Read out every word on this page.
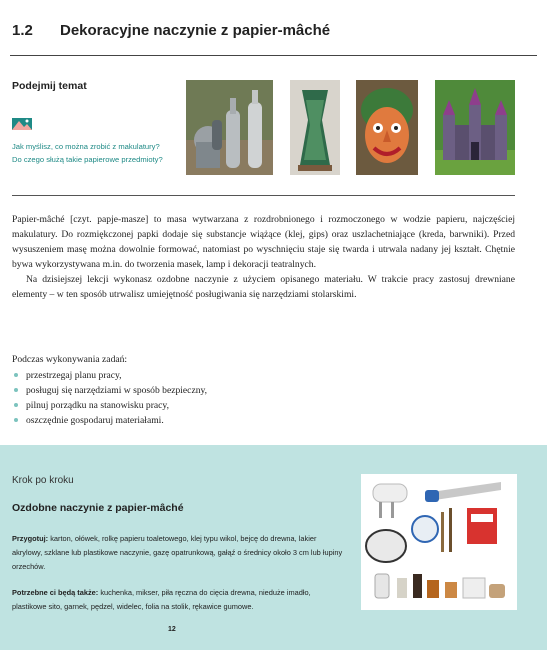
1.2 Dekoracyjne naczynie z papier-mâché
Podejmij temat
Jak myślisz, co można zrobić z makulatury? Do czego służą takie papierowe przedmioty?

Papier-mâché [czyt. papje-masze] to masa wytwarzana z rozdrobnionego i rozmoczonego w wodzie papieru, najczęściej makulatury. Do rozmiękczonej papki dodaje się substancje wiążące (klej, gips) oraz uszlachetniające (kreda, barwniki). Przed wysuszeniem masę można dowolnie formować, natomiast po wyschnięciu staje się twarda i utrwala nadany jej kształt. Chętnie bywa wykorzystywana m.in. do tworzenia masek, lamp i dekoracji teatralnych.

Na dzisiejszej lekcji wykonasz ozdobne naczynie z użyciem opisanego materiału. W trakcie pracy zastosuj drewniane elementy – w ten sposób utrwalisz umiejętność posługiwania się narzędziami stolarskimi.

Podczas wykonywania zadań:
przestrzegaj planu pracy,
posługuj się narzędziami w sposób bezpieczny,
pilnuj porządku na stanowisku pracy,
oszczędnie gospodaruj materiałami.
Krok po kroku
Ozdobne naczynie z papier-mâché
Przygotuj: karton, ołówek, rolkę papieru toaletowego, klej typu wikol, bejcę do drewna, lakier akrylowy, szklane lub plastikowe naczynie, gazę opatrunkową, gałąź o średnicy około 3 cm lub łupiny orzechów.
Potrzebne ci będą także: kuchenka, mikser, piła ręczna do cięcia drewna, nieduże imadło, plastikowe sito, garnek, pędzel, widelec, folia na stolik, rękawice gumowe.
12
